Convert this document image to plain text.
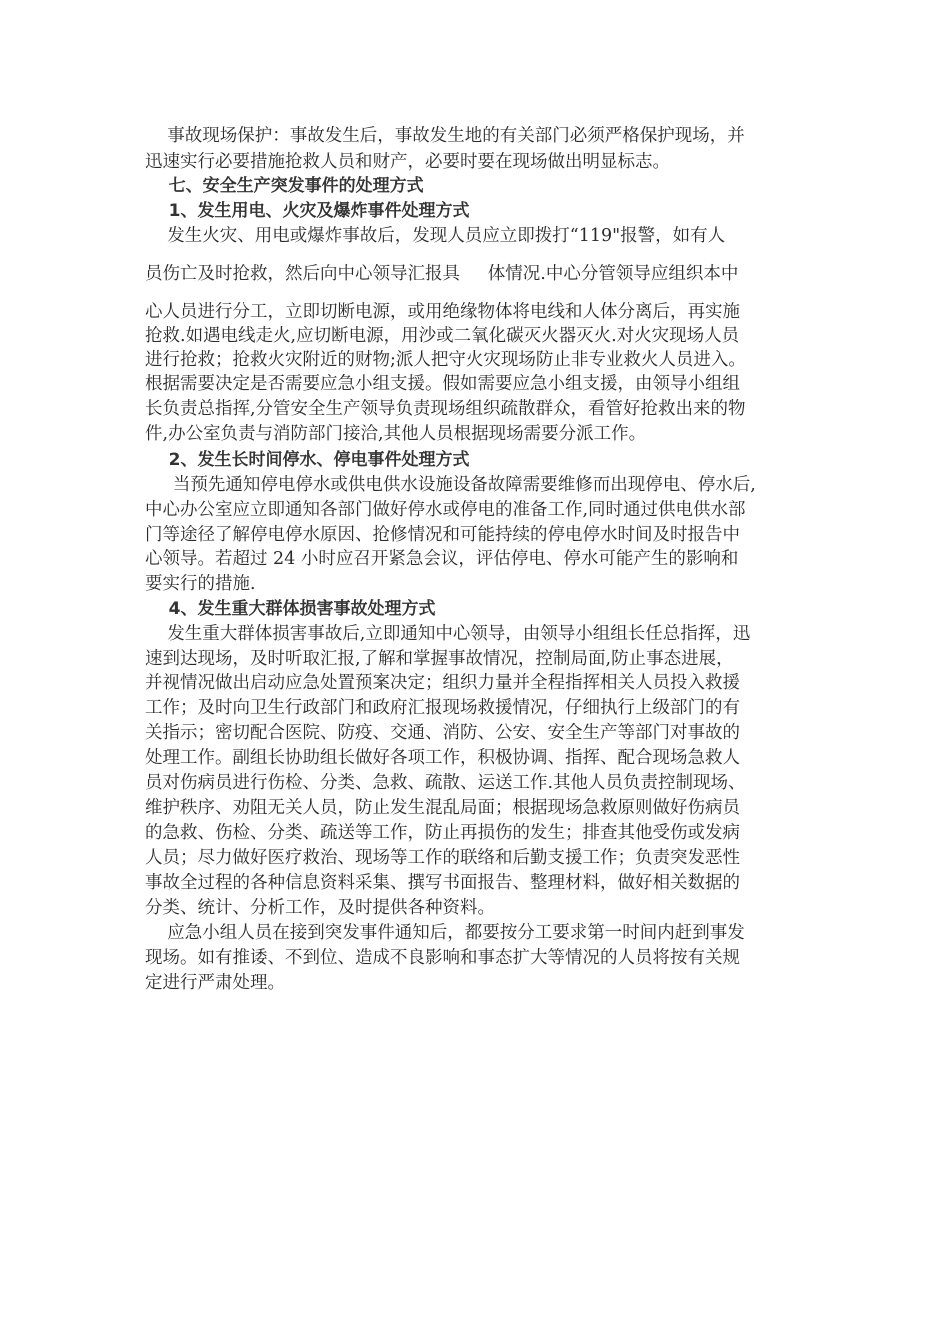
事故现场保护：事故发生后，事故发生地的有关部门必须严格保护现场，并
迅速实行必要措施抢救人员和财产，必要时要在现场做出明显标志。
七、安全生产突发事件的处理方式
1、发生用电、火灾及爆炸事件处理方式
发生火灾、用电或爆炸事故后，发现人员应立即拨打“119"报警，如有人
员伤亡及时抢救，然后向中心领导汇报具     体情况.中心分管领导应组织本中
心人员进行分工，立即切断电源，或用绝缘物体将电线和人体分离后，再实施
抢救.如遇电线走火,应切断电源，用沙或二氧化碳灭火器灭火.对火灾现场人员
进行抢救；抢救火灾附近的财物;派人把守火灾现场防止非专业救火人员进入。
根据需要决定是否需要应急小组支援。假如需要应急小组支援，由领导小组组
长负责总指挥,分管安全生产领导负责现场组织疏散群众，看管好抢救出来的物
件,办公室负责与消防部门接洽,其他人员根据现场需要分派工作。
2、发生长时间停水、停电事件处理方式
当预先通知停电停水或供电供水设施设备故障需要维修而出现停电、停水后,
中心办公室应立即通知各部门做好停水或停电的准备工作,同时通过供电供水部
门等途径了解停电停水原因、抢修情况和可能持续的停电停水时间及时报告中
心领导。若超过 24 小时应召开紧急会议，评估停电、停水可能产生的影响和
要实行的措施.
4、发生重大群体损害事故处理方式
发生重大群体损害事故后,立即通知中心领导，由领导小组组长任总指挥，迅
速到达现场，及时听取汇报,了解和掌握事故情况，控制局面,防止事态进展，
并视情况做出启动应急处置预案决定；组织力量并全程指挥相关人员投入救援
工作；及时向卫生行政部门和政府汇报现场救援情况，仔细执行上级部门的有
关指示；密切配合医院、防疫、交通、消防、公安、安全生产等部门对事故的
处理工作。副组长协助组长做好各项工作，积极协调、指挥、配合现场急救人
员对伤病员进行伤检、分类、急救、疏散、运送工作.其他人员负责控制现场、
维护秩序、劝阻无关人员，防止发生混乱局面；根据现场急救原则做好伤病员
的急救、伤检、分类、疏送等工作，防止再损伤的发生；排查其他受伤或发病
人员；尽力做好医疗救治、现场等工作的联络和后勤支援工作；负责突发恶性
事故全过程的各种信息资料采集、撰写书面报告、整理材料，做好相关数据的
分类、统计、分析工作，及时提供各种资料。
应急小组人员在接到突发事件通知后，都要按分工要求第一时间内赶到事发
现场。如有推诿、不到位、造成不良影响和事态扩大等情况的人员将按有关规
定进行严肃处理。
